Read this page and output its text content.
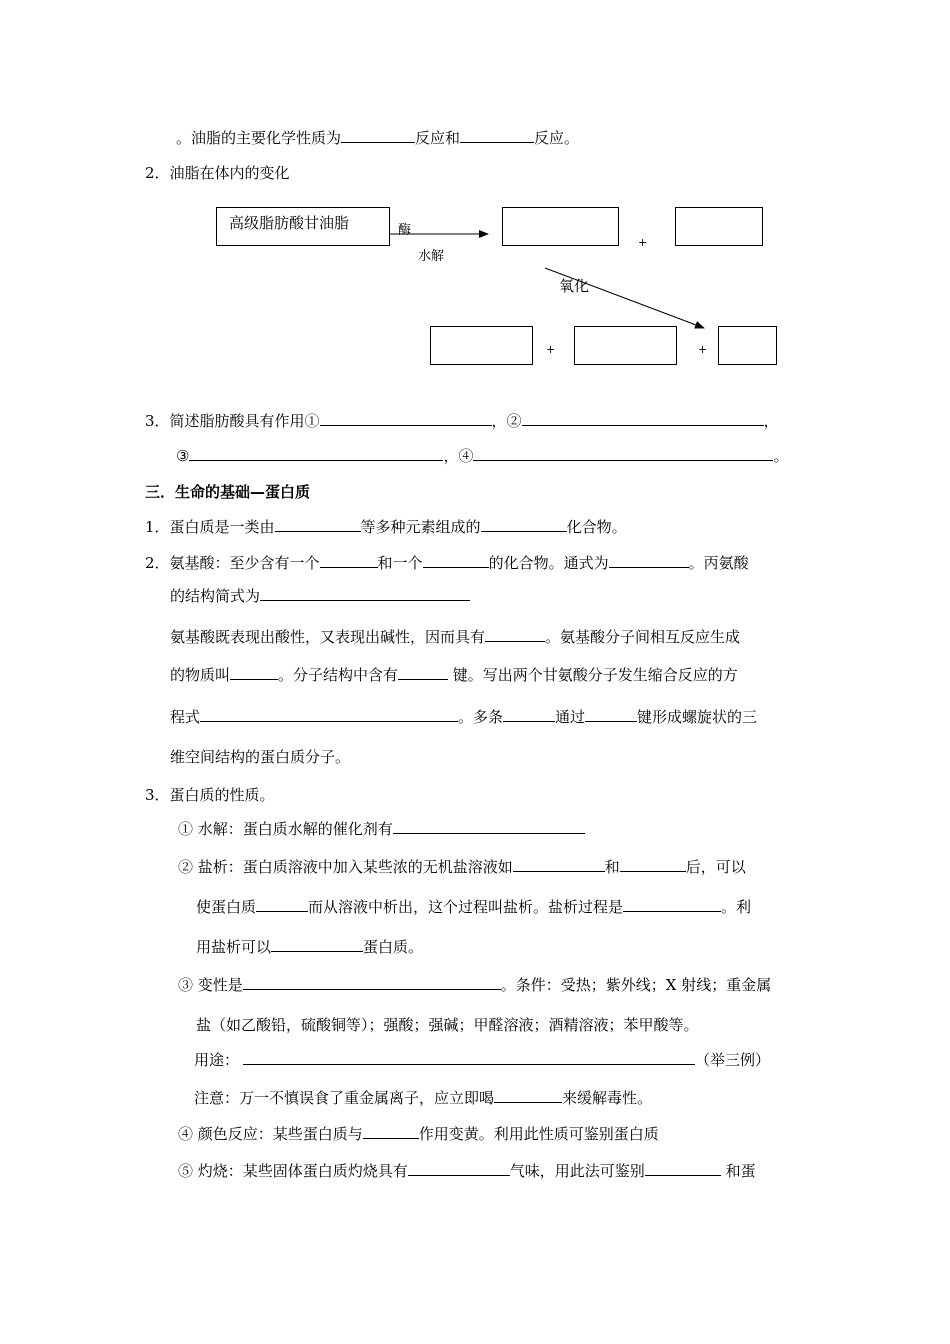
。油脂的主要化学性质为	反应和	反应。
2．油脂在体内的变化
高级脂肪酸甘油脂	酶
水解
+
氧化
+	+
3．简述脂肪酸具有作用①	，②	，
③	，④	。
三．生命的基础—蛋白质
1．蛋白质是一类由	等多种元素组成的	化合物。
2．氨基酸：至少含有一个	和一个	的化合物。通式为	。丙氨酸
的结构简式为
氨基酸既表现出酸性，又表现出碱性，因而具有	。氨基酸分子间相互反应生成
的物质叫	。分子结构中含有	键。写出两个甘氨酸分子发生缩合反应的方
程式	。多条	通过	键形成螺旋状的三
维空间结构的蛋白质分子。
3．蛋白质的性质。
① 水解：蛋白质水解的催化剂有
② 盐析：蛋白质溶液中加入某些浓的无机盐溶液如	和	后，可以
使蛋白质	而从溶液中析出，这个过程叫盐析。盐析过程是	。利
用盐析可以	蛋白质。
③ 变性是	。条件：受热；紫外线；X 射线；重金属
盐（如乙酸铅，硫酸铜等）；强酸；强碱；甲醛溶液；酒精溶液；苯甲酸等。
用途：	（举三例）
注意：万一不慎误食了重金属离子，应立即喝	来缓解毒性。
④ 颜色反应：某些蛋白质与	作用变黄。利用此性质可鉴别蛋白质
⑤ 灼烧：某些固体蛋白质灼烧具有	气味，用此法可鉴别	和蛋
